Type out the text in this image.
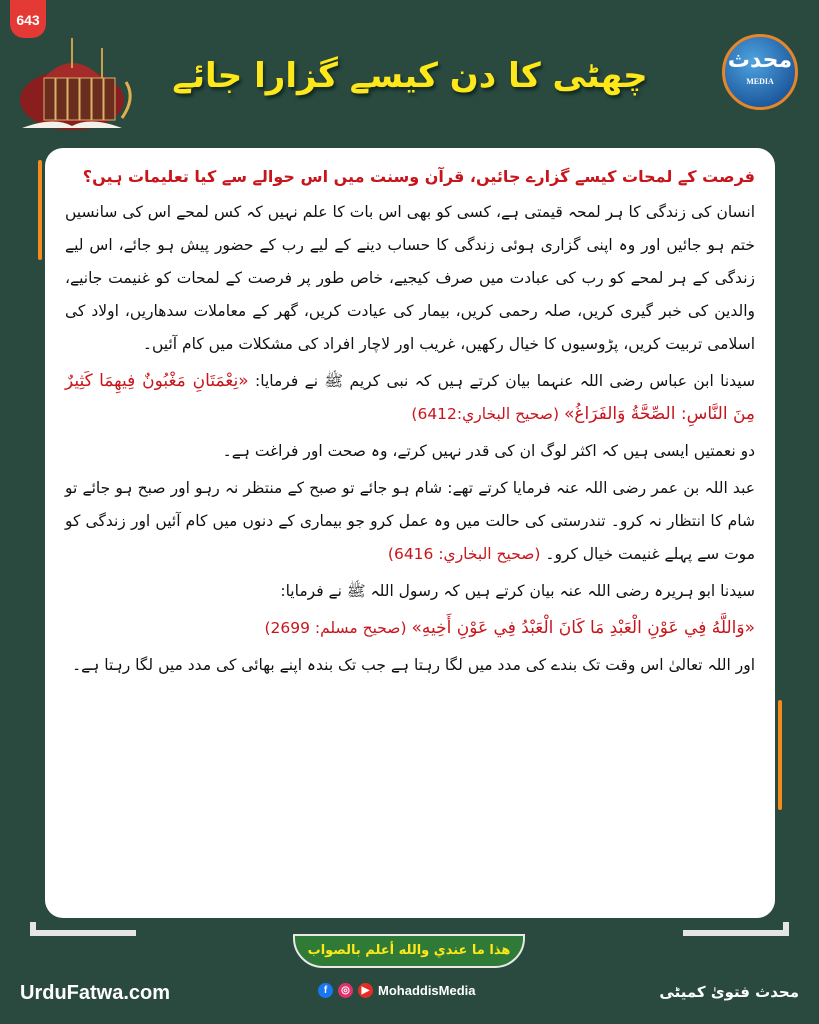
643
چھٹی کا دن کیسے گزارا جائے	محدث
MEDIA

فرصت کے لمحات کیسے گزارے جائیں، قرآن وسنت میں اس حوالے سے کیا تعلیمات ہیں؟

انسان کی زندگی کا ہر لمحہ قیمتی ہے، کسی کو بھی اس بات کا علم نہیں کہ کس لمحے اس کی سانسیں ختم ہو جائیں اور وہ اپنی گزاری ہوئی زندگی کا حساب دینے کے لیے رب کے حضور پیش ہو جائے، اس لیے زندگی کے ہر لمحے کو رب کی عبادت میں صرف کیجیے، خاص طور پر فرصت کے لمحات کو غنیمت جانیے، والدین کی خبر گیری کریں، صلہ رحمی کریں، بیمار کی عیادت کریں، گھر کے معاملات سدھاریں، اولاد کی اسلامی تربیت کریں، پڑوسیوں کا خیال رکھیں، غریب اور لاچار افراد کی مشکلات میں کام آئیں۔

سیدنا ابن عباس رضی اللہ عنہما بیان کرتے ہیں کہ نبی کریم ﷺ نے فرمایا: «نِعْمَتَانِ مَغْبُونٌ فِيهِمَا كَثِيرٌ مِنَ النَّاسِ: الصِّحَّةُ وَالفَرَاغُ» (صحيح البخاري:6412)

دو نعمتیں ایسی ہیں کہ اکثر لوگ ان کی قدر نہیں کرتے، وہ صحت اور فراغت ہے۔

عبد اللہ بن عمر رضی اللہ عنہ فرمایا کرتے تھے: شام ہو جائے تو صبح کے منتظر نہ رہو اور صبح ہو جائے تو شام کا انتظار نہ کرو۔ تندرستی کی حالت میں وہ عمل کرو جو بیماری کے دنوں میں کام آئیں اور زندگی کو موت سے پہلے غنیمت خیال کرو۔ (صحيح البخاري: 6416)

سیدنا ابو ہریرہ رضی اللہ عنہ بیان کرتے ہیں کہ رسول اللہ ﷺ نے فرمایا:

«وَاللَّهُ فِي عَوْنِ الْعَبْدِ مَا كَانَ الْعَبْدُ فِي عَوْنِ أَخِيهِ» (صحيح مسلم: 2699)

اور اللہ تعالیٰ اس وقت تک بندے کی مدد میں لگا رہتا ہے جب تک بندہ اپنے بھائی کی مدد میں لگا رہتا ہے۔

هذا ما عندي والله أعلم بالصواب
UrduFatwa.com	f	◎	▶ MohaddisMedia	محدث فتویٰ کمیٹی
